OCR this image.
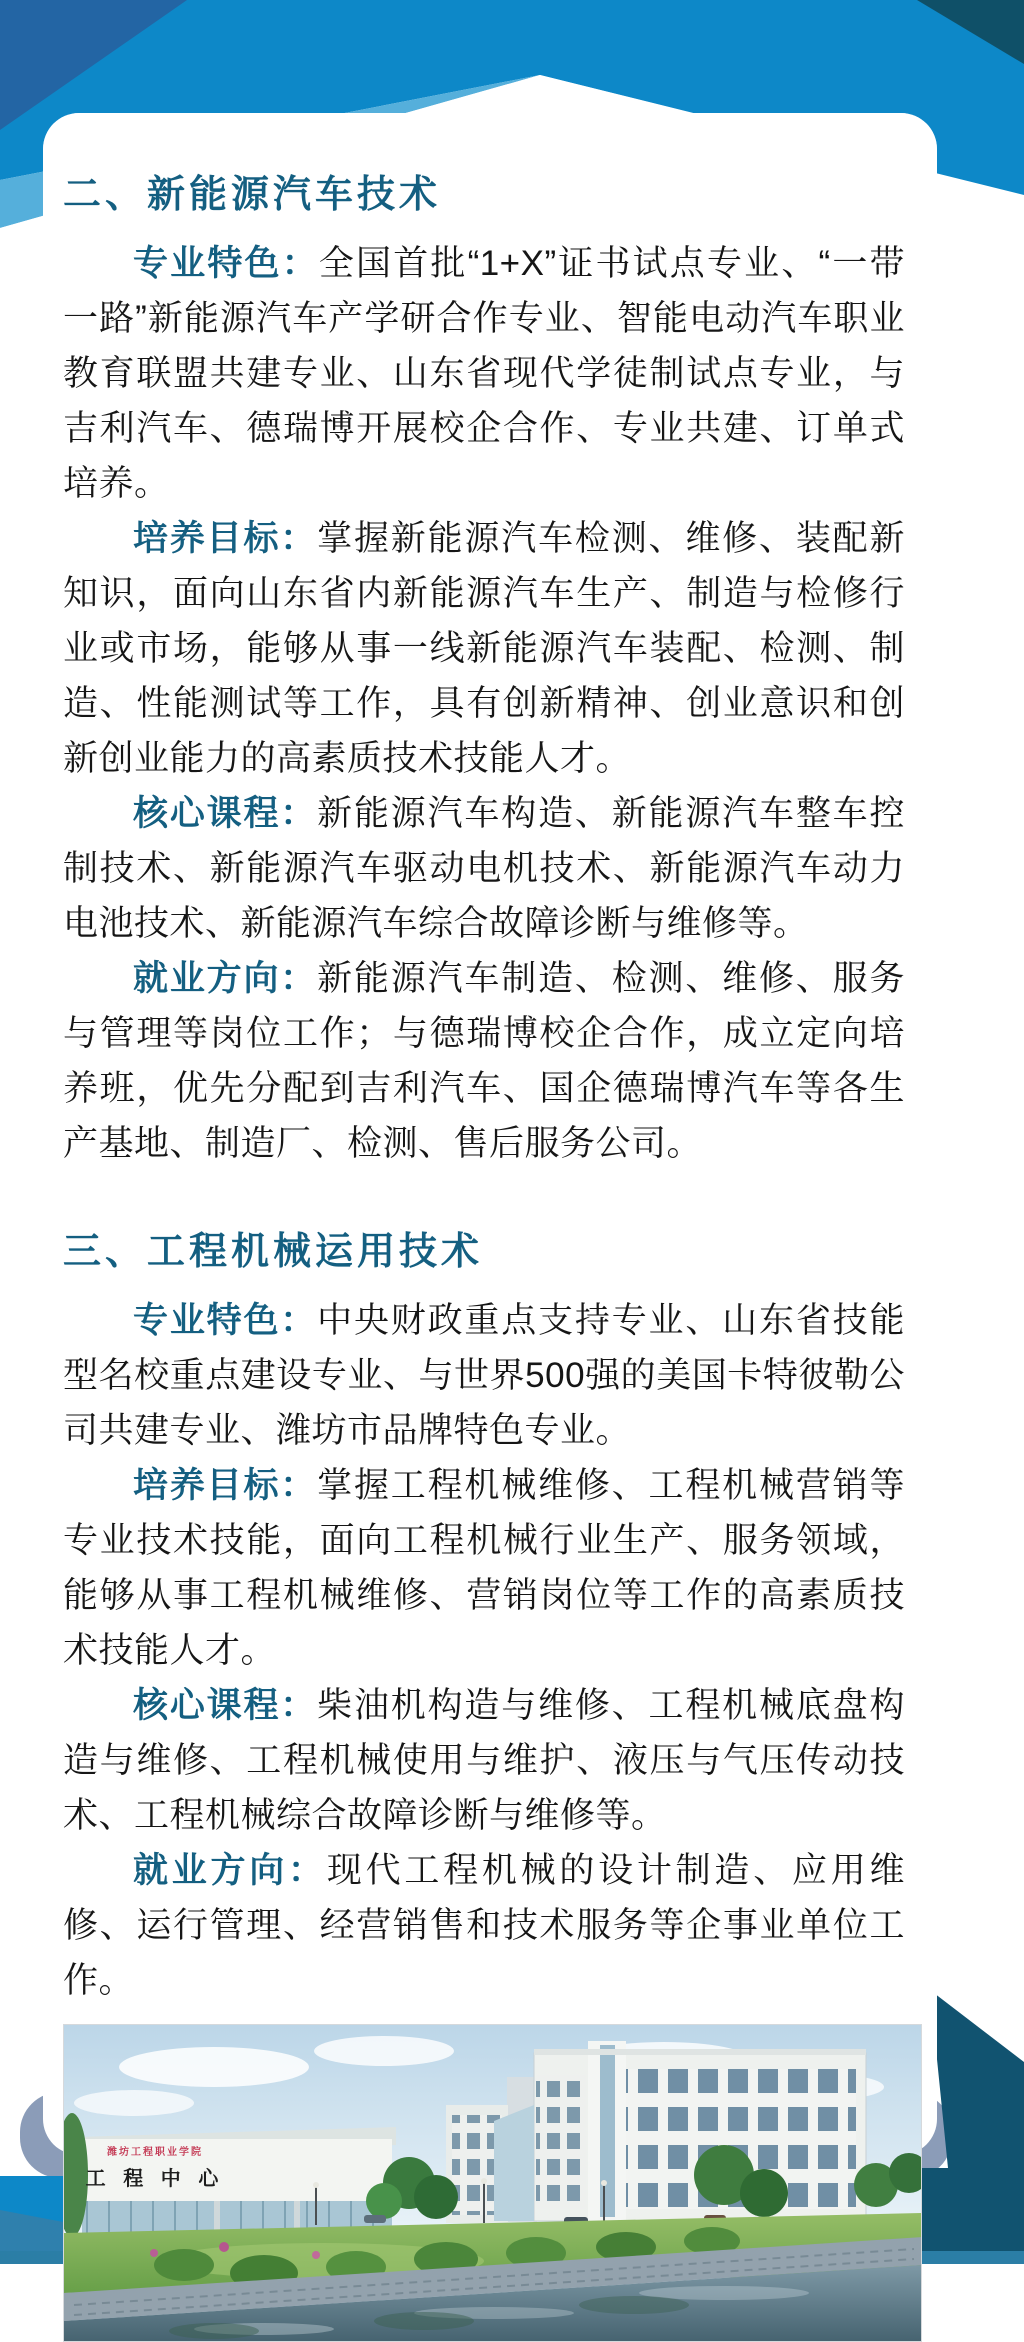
二、新能源汽车技术

专业特色：全国首批“1+X”证书试点专业、“一带一路”新能源汽车产学研合作专业、智能电动汽车职业教育联盟共建专业、山东省现代学徒制试点专业，与吉利汽车、德瑞博开展校企合作、专业共建、订单式培养。

培养目标：掌握新能源汽车检测、维修、装配新知识，面向山东省内新能源汽车生产、制造与检修行业或市场，能够从事一线新能源汽车装配、检测、制造、性能测试等工作，具有创新精神、创业意识和创新创业能力的高素质技术技能人才。

核心课程：新能源汽车构造、新能源汽车整车控制技术、新能源汽车驱动电机技术、新能源汽车动力电池技术、新能源汽车综合故障诊断与维修等。

就业方向：新能源汽车制造、检测、维修、服务与管理等岗位工作；与德瑞博校企合作，成立定向培养班，优先分配到吉利汽车、国企德瑞博汽车等各生产基地、制造厂、检测、售后服务公司。

三、工程机械运用技术

专业特色：中央财政重点支持专业、山东省技能型名校重点建设专业、与世界500强的美国卡特彼勒公司共建专业、潍坊市品牌特色专业。

培养目标：掌握工程机械维修、工程机械营销等专业技术技能，面向工程机械行业生产、服务领域，能够从事工程机械维修、营销岗位等工作的高素质技术技能人才。

核心课程：柴油机构造与维修、工程机械底盘构造与维修、工程机械使用与维护、液压与气压传动技术、工程机械综合故障诊断与维修等。

就业方向：现代工程机械的设计制造、应用维修、运行管理、经营销售和技术服务等企事业单位工作。

潍坊工程职业学院
工 程 中 心
